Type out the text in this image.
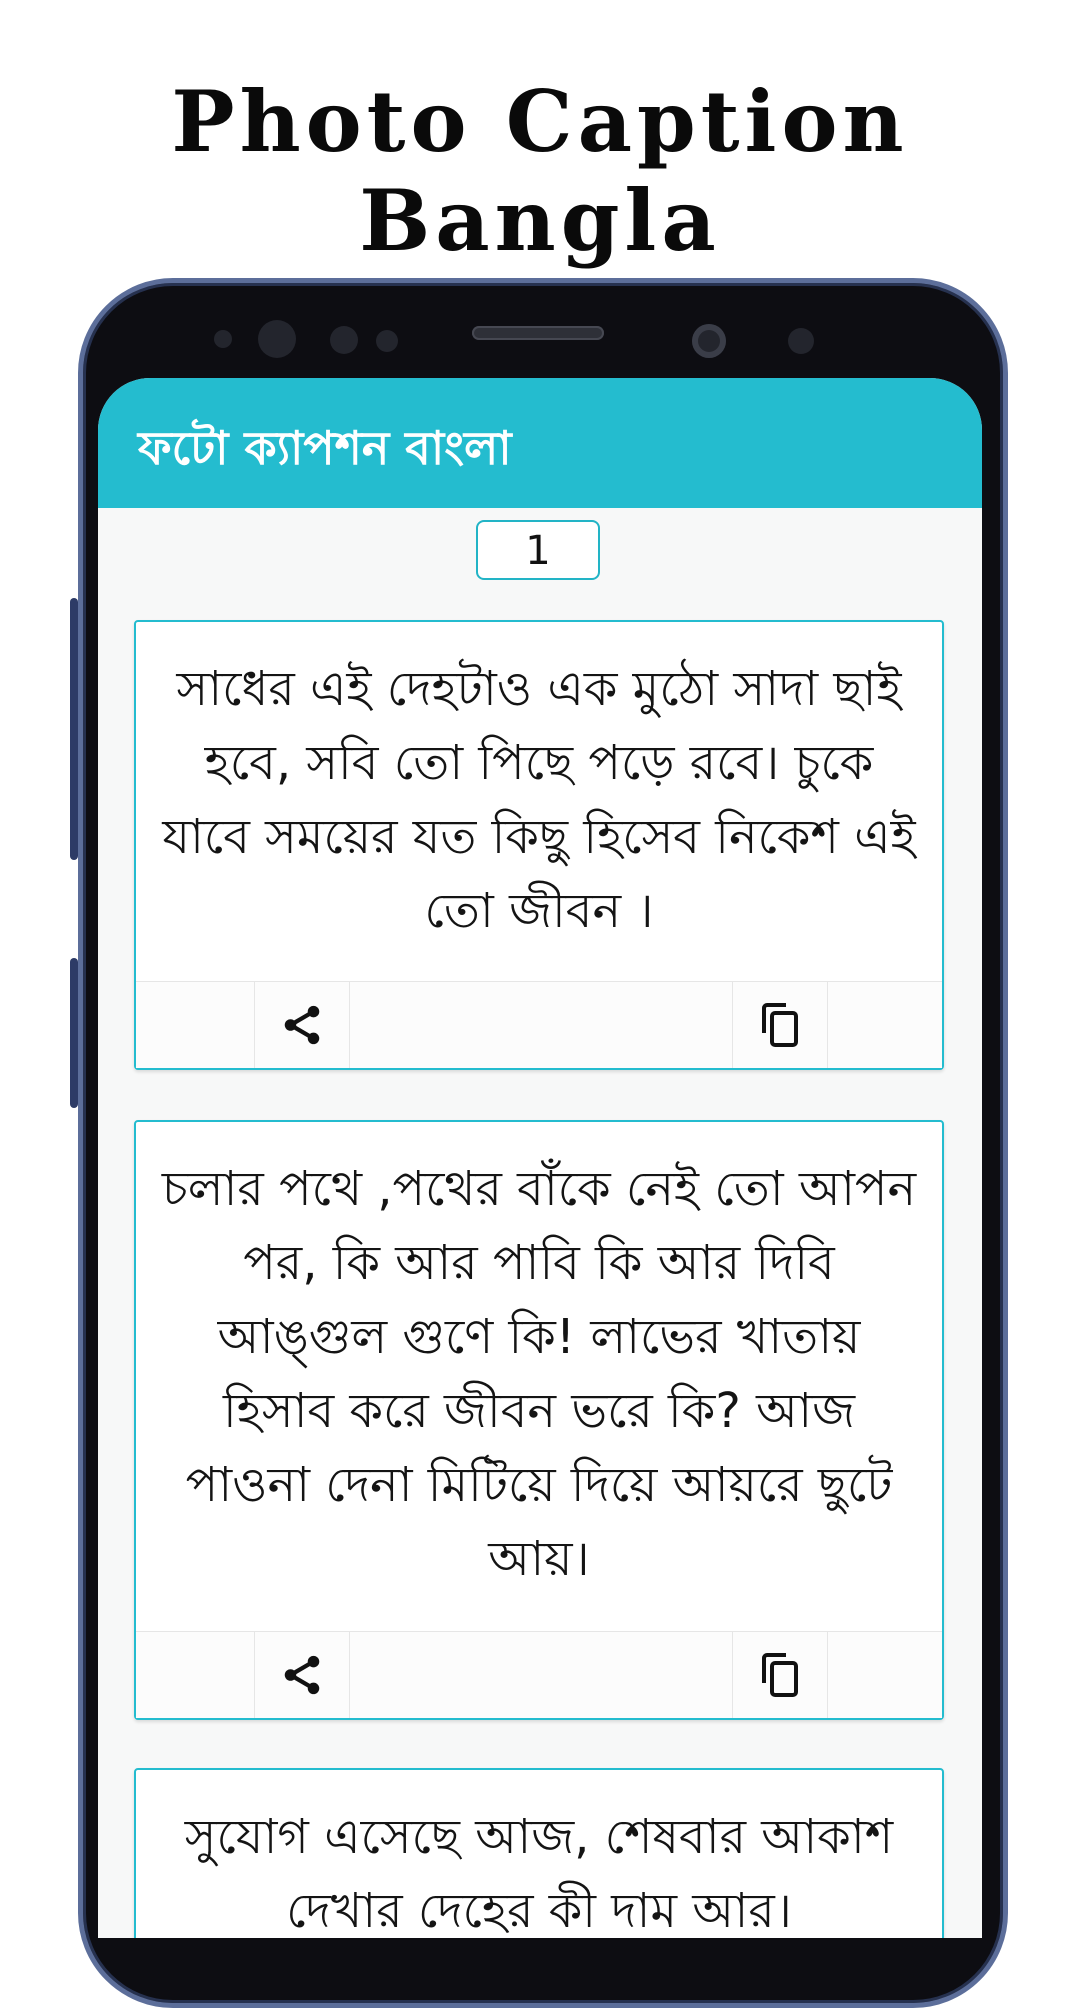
Photo Caption Bangla
ফটো ক্যাপশন বাংলা
1

সাধের এই দেহটাও এক মুঠো সাদা ছাই হবে, সবি তো পিছে পড়ে রবে। চুকে যাবে সময়ের যত কিছু হিসেব নিকেশ এই তো জীবন ।

চলার পথে ,পথের বাঁকে নেই তো আপন পর, কি আর পাবি কি আর দিবি আঙ্গুল গুণে কি! লাভের খাতায় হিসাব করে জীবন ভরে কি? আজ পাওনা দেনা মিটিয়ে দিয়ে আয়রে ছুটে আয়।

সুযোগ এসেছে আজ, শেষবার আকাশ দেখার দেহের কী দাম আর।
